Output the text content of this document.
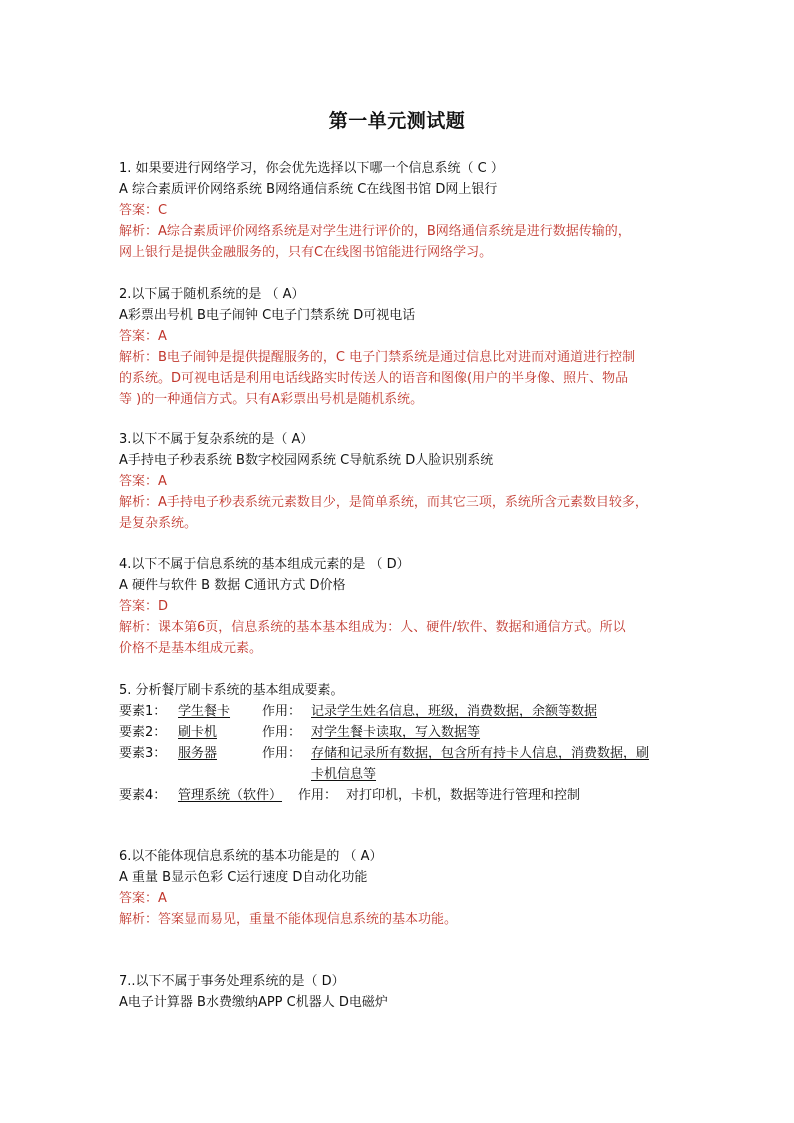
第一单元测试题
1. 如果要进行网络学习，你会优先选择以下哪一个信息系统（ C ）
A 综合素质评价网络系统 B网络通信系统 C在线图书馆 D网上银行
答案：C
解析：A综合素质评价网络系统是对学生进行评价的，B网络通信系统是进行数据传输的，
网上银行是提供金融服务的，只有C在线图书馆能进行网络学习。
2.以下属于随机系统的是 （ A）
A彩票出号机 B电子闹钟 C电子门禁系统 D可视电话
答案：A
解析：B电子闹钟是提供提醒服务的，C 电子门禁系统是通过信息比对进而对通道进行控制
的系统。D可视电话是利用电话线路实时传送人的语音和图像(用户的半身像、照片、物品
等 )的一种通信方式。只有A彩票出号机是随机系统。
3.以下不属于复杂系统的是（ A）
A手持电子秒表系统 B数字校园网系统 C导航系统 D人脸识别系统
答案：A
解析：A手持电子秒表系统元素数目少，是简单系统，而其它三项，系统所含元素数目较多，
是复杂系统。
4.以下不属于信息系统的基本组成元素的是 （ D）
A 硬件与软件 B 数据 C通讯方式 D价格
答案：D
解析：课本第6页，信息系统的基本基本组成为：人、硬件/软件、数据和通信方式。所以
价格不是基本组成元素。
5. 分析餐厅刷卡系统的基本组成要素。
要素1： 学生餐卡 作用： 记录学生姓名信息，班级，消费数据，余额等数据
要素2： 刷卡机	作用： 对学生餐卡读取，写入数据等
要素3： 服务器	作用： 存储和记录所有数据，包含所有持卡人信息，消费数据，刷
卡机信息等
要素4： 管理系统（软件） 作用： 对打印机，卡机，数据等进行管理和控制
6.以不能体现信息系统的基本功能是的 （ A）
A 重量 B显示色彩 C运行速度 D自动化功能
答案：A
解析：答案显而易见，重量不能体现信息系统的基本功能。
7..以下不属于事务处理系统的是（ D）
A电子计算器 B水费缴纳APP C机器人 D电磁炉
